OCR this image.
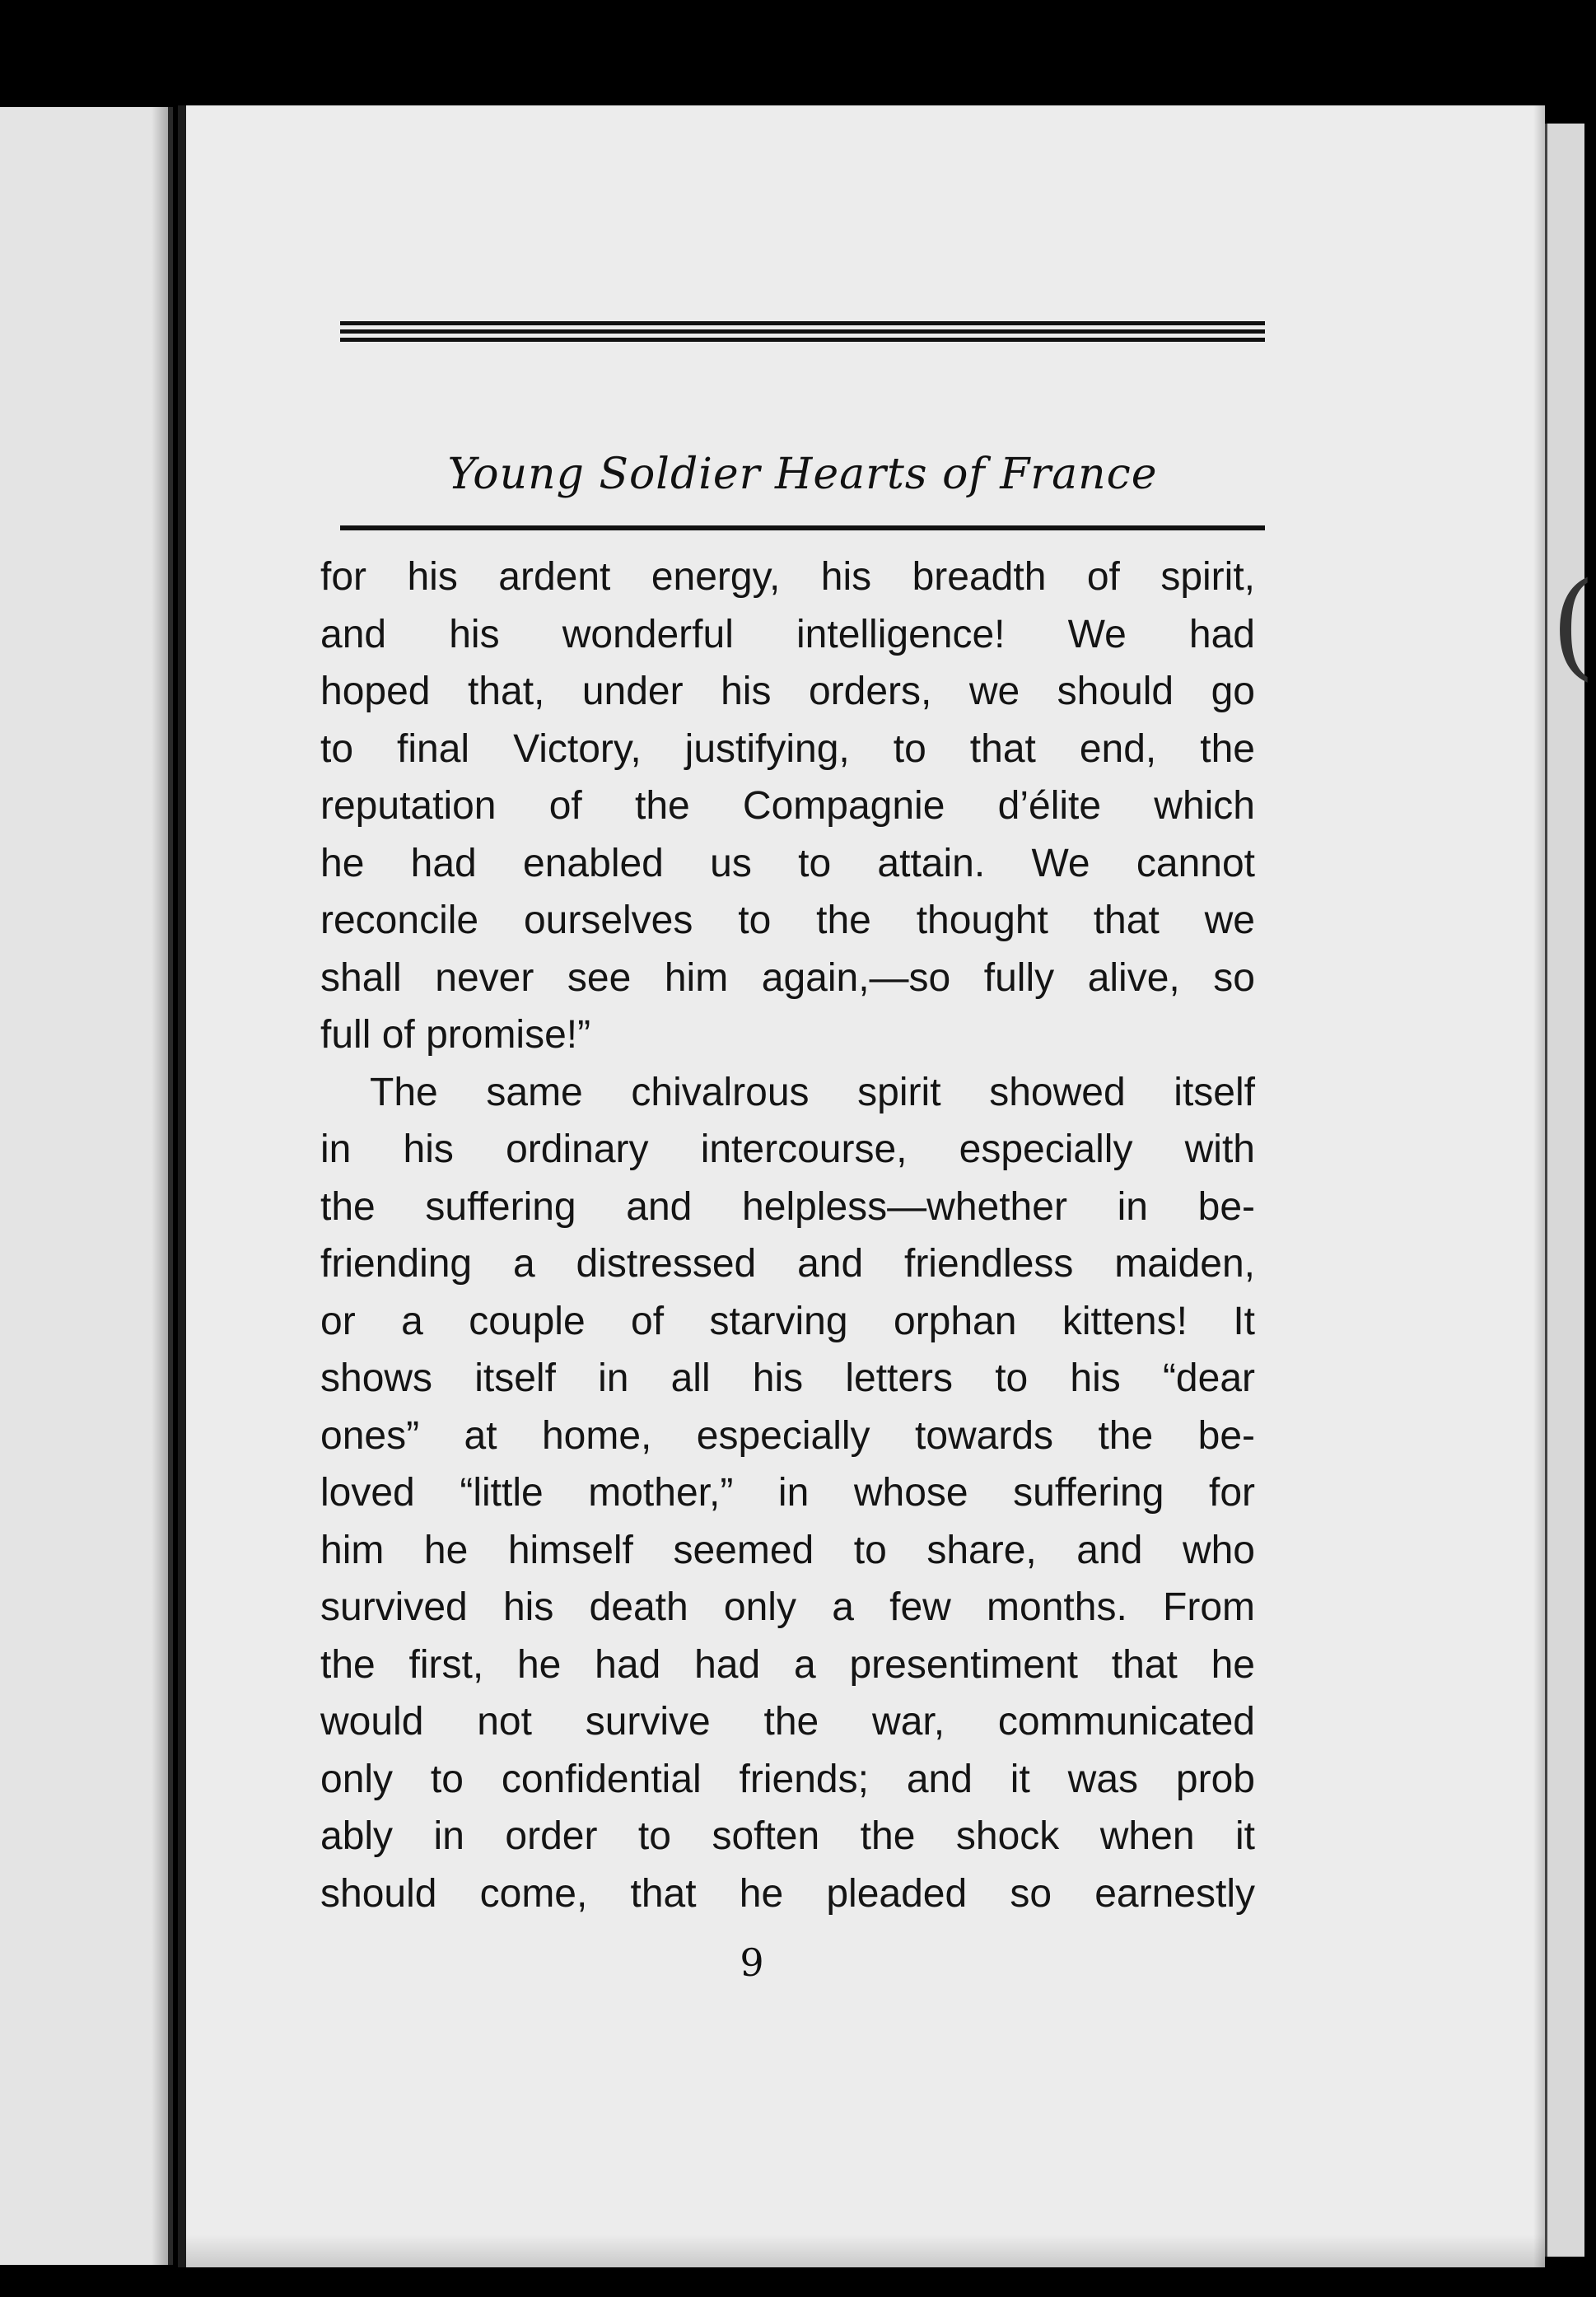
Young Soldier Hearts of France
for his ardent energy, his breadth of spirit,
and his wonderful intelligence! We had
hoped that, under his orders, we should go
to final Victory, justifying, to that end, the
reputation of the Compagnie d’élite which
he had enabled us to attain. We cannot
reconcile ourselves to the thought that we
shall never see him again,—so fully alive, so
full of promise!”
The same chivalrous spirit showed itself
in his ordinary intercourse, especially with
the suffering and helpless—whether in be-
friending a distressed and friendless maiden,
or a couple of starving orphan kittens! It
shows itself in all his letters to his “dear
ones” at home, especially towards the be-
loved “little mother,” in whose suffering for
him he himself seemed to share, and who
survived his death only a few months. From
the first, he had had a presentiment that he
would not survive the war, communicated
only to confidential friends; and it was prob
ably in order to soften the shock when it
should come, that he pleaded so earnestly
9
(
